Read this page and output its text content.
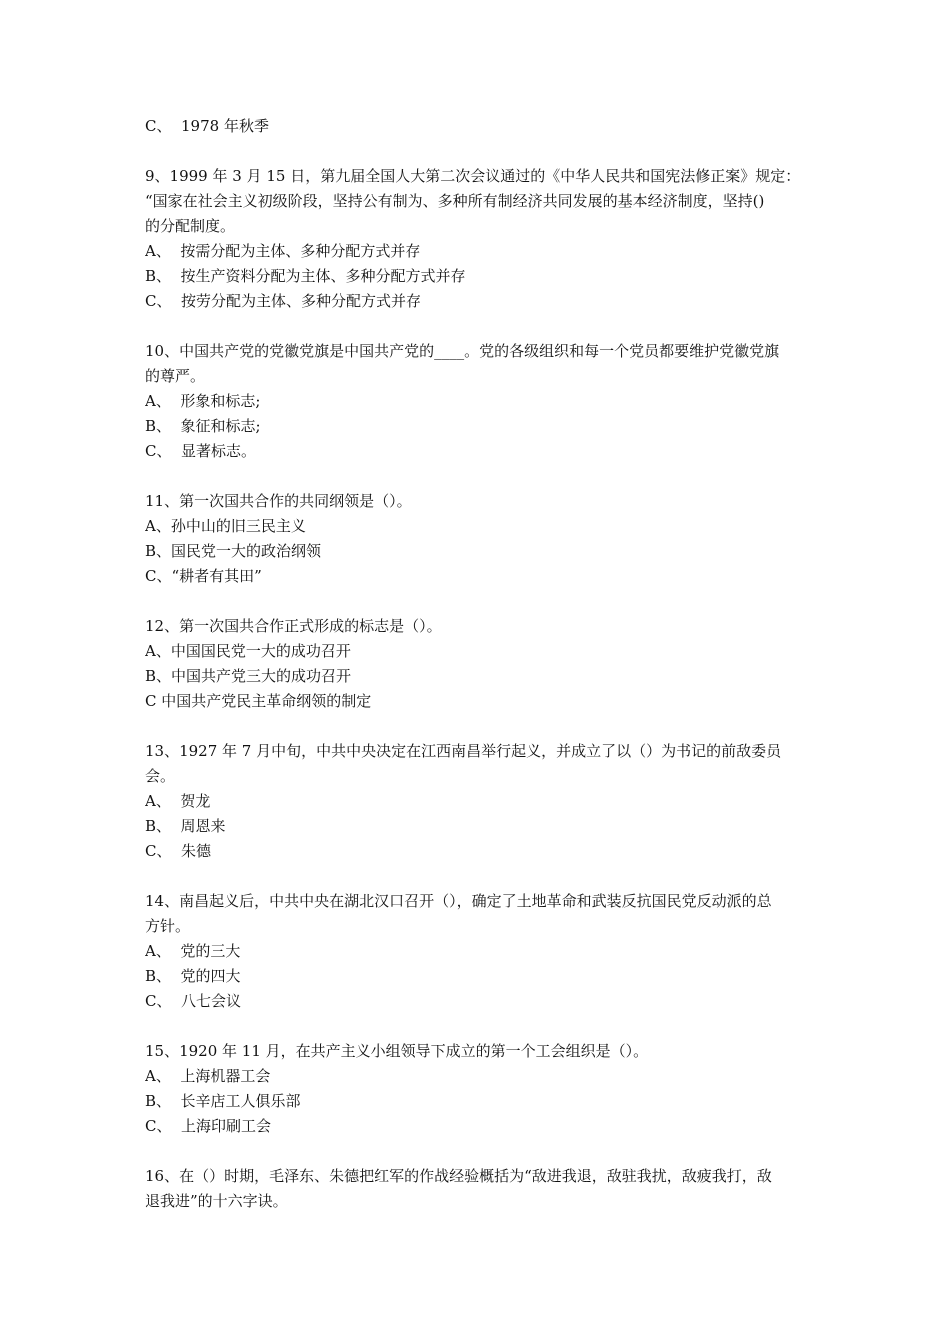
C、  1978 年秋季
9、1999 年 3 月 15 日，第九届全国人大第二次会议通过的《中华人民共和国宪法修正案》规定：
“国家在社会主义初级阶段，坚持公有制为、多种所有制经济共同发展的基本经济制度，坚持()
的分配制度。
A、  按需分配为主体、多种分配方式并存
B、  按生产资料分配为主体、多种分配方式并存
C、  按劳分配为主体、多种分配方式并存
10、中国共产党的党徽党旗是中国共产党的____。党的各级组织和每一个党员都要维护党徽党旗
的尊严。
A、  形象和标志;
B、  象征和标志;
C、  显著标志。
11、第一次国共合作的共同纲领是（）。
A、孙中山的旧三民主义
B、国民党一大的政治纲领
C、“耕者有其田”
12、第一次国共合作正式形成的标志是（）。
A、中国国民党一大的成功召开
B、中国共产党三大的成功召开
C 中国共产党民主革命纲领的制定
13、1927 年 7 月中旬，中共中央决定在江西南昌举行起义，并成立了以（）为书记的前敌委员
会。
A、  贺龙
B、  周恩来
C、  朱德
14、南昌起义后，中共中央在湖北汉口召开（），确定了土地革命和武装反抗国民党反动派的总
方针。
A、  党的三大
B、  党的四大
C、  八七会议
15、1920 年 11 月，在共产主义小组领导下成立的第一个工会组织是（）。
A、  上海机器工会
B、  长辛店工人俱乐部
C、  上海印刷工会
16、在（）时期，毛泽东、朱德把红军的作战经验概括为“敌进我退，敌驻我扰，敌疲我打，敌
退我进”的十六字诀。
